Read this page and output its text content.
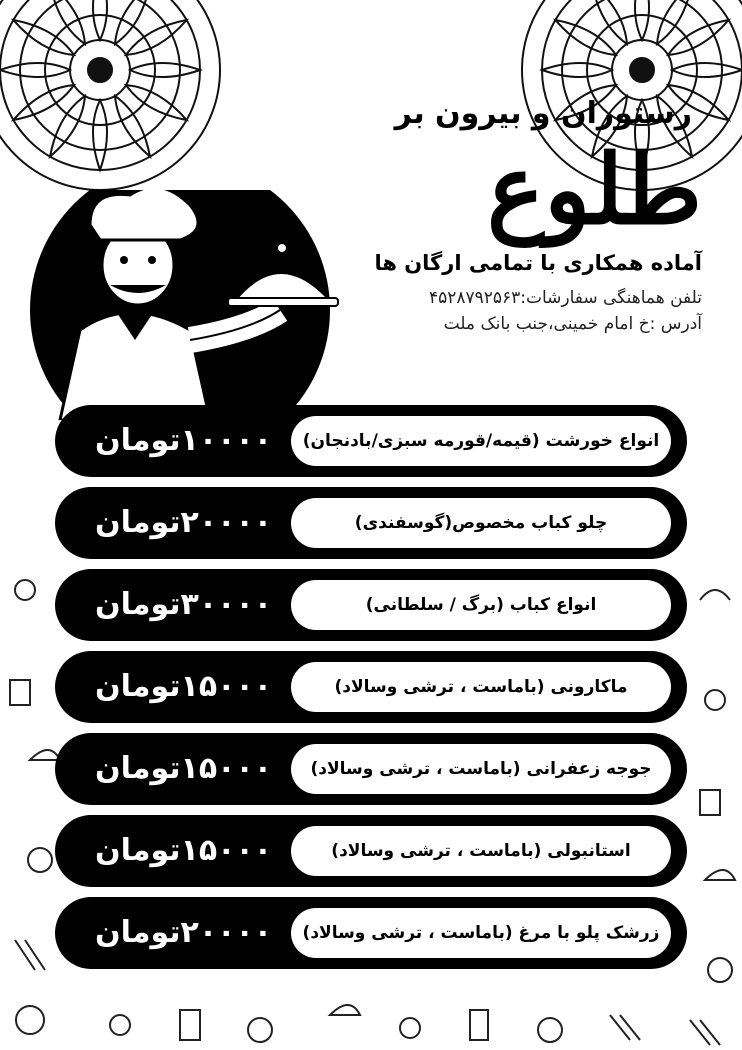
رستوران و بیرون بر
طلوع
آماده همکاری با تمامی ارگان ها
تلفن هماهنگی سفارشات:۴۵۲۸۷۹۲۵۶۳
آدرس :خ امام خمینی،جنب بانک ملت
۱۰۰۰۰تومان انواع خورشت (قیمه/قورمه سبزی/بادنجان)
۲۰۰۰۰تومان	چلو کباب مخصوص(گوسفندی)
۳۰۰۰۰تومان	انواع کباب (برگ / سلطانی)
۱۵۰۰۰تومان	ماکارونی (باماست ، ترشی وسالاد)
۱۵۰۰۰تومان جوجه زعفرانی (باماست ، ترشی وسالاد)
۱۵۰۰۰تومان	استانبولی (باماست ، ترشی وسالاد)
۲۰۰۰۰تومان زرشک پلو با مرغ (باماست ، ترشی وسالاد)
